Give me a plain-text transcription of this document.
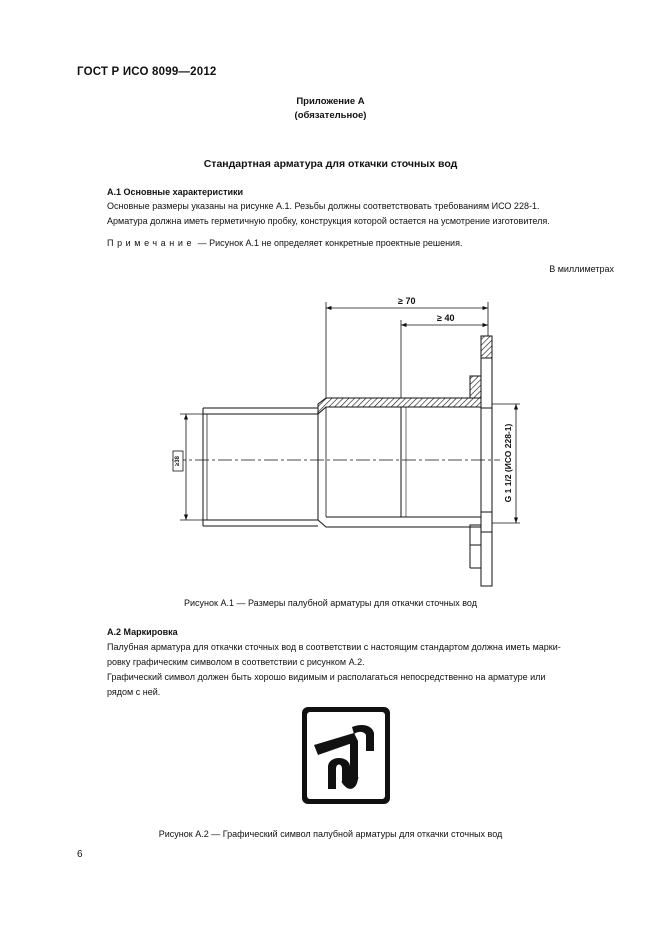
ГОСТ Р ИСО 8099—2012
Приложение А
(обязательное)
Стандартная арматура для откачки сточных вод
А.1 Основные характеристики
Основные размеры указаны на рисунке А.1. Резьбы должны соответствовать требованиям ИСО 228-1.
Арматура должна иметь герметичную пробку, конструкция которой остается на усмотрение изготовителя.
Примечание — Рисунок А.1 не определяет конкретные проектные решения.
В миллиметрах
≥ 70
≥ 40
≥38	G 1 1/2 (ИСО 228-1)
Рисунок А.1 — Размеры палубной арматуры для откачки сточных вод
А.2 Маркировка
Палубная арматура для откачки сточных вод в соответствии с настоящим стандартом должна иметь марки-
ровку графическим символом в соответствии с рисунком А.2.
Графический символ должен быть хорошо видимым и располагаться непосредственно на арматуре или
рядом с ней.
Рисунок А.2 — Графический символ палубной арматуры для откачки сточных вод
6
